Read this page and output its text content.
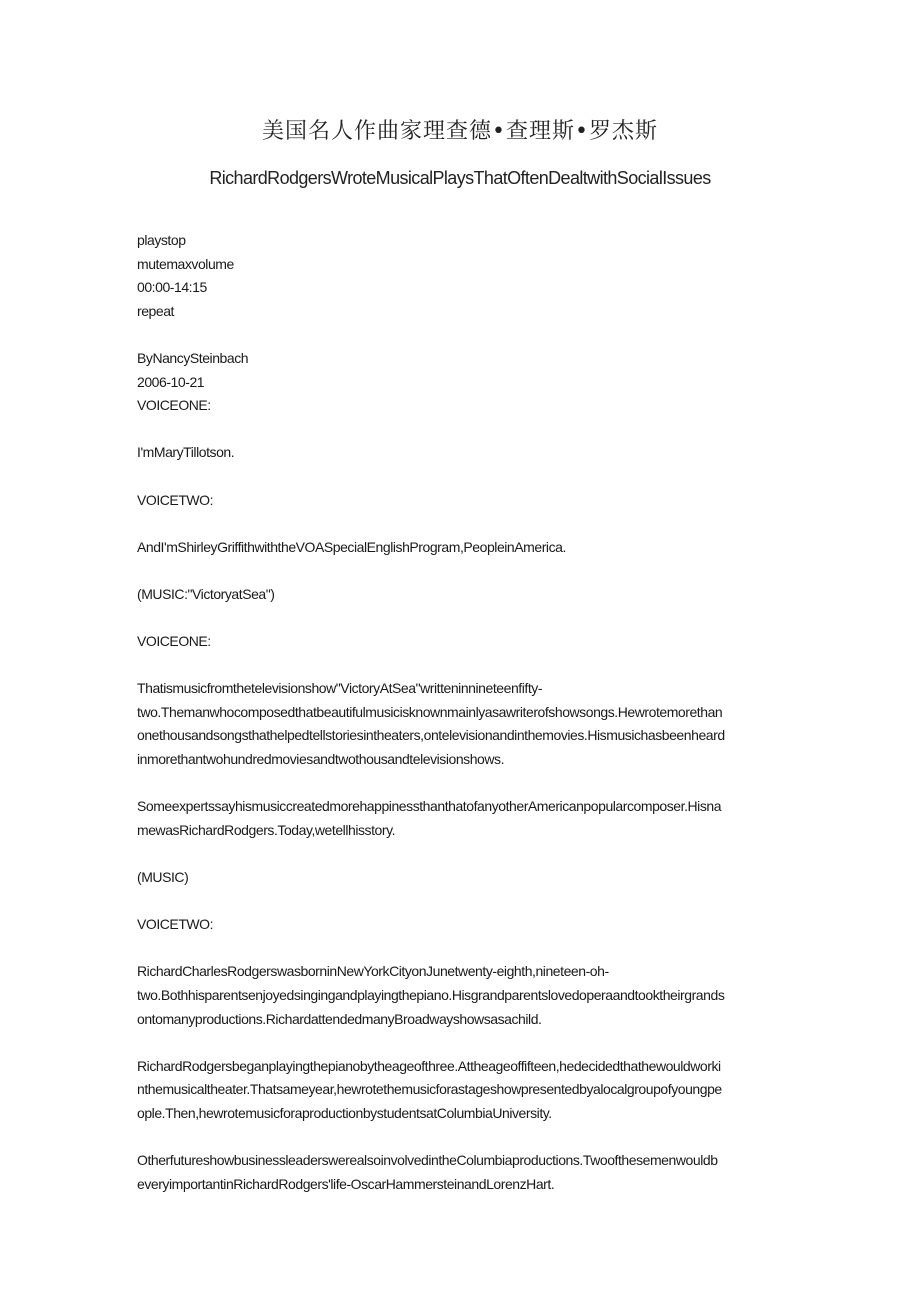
美国名人作曲家理查德•查理斯•罗杰斯
RichardRodgersWroteMusicalPlaysThatOftenDealtwithSocialIssues
playstop
mutemaxvolume
00:00-14:15
repeat
ByNancySteinbach
2006-10-21
VOICEONE:
I'mMaryTillotson.
VOICETWO:
AndI'mShirleyGriffithwiththeVOASpecialEnglishProgram,PeopleinAmerica.
(MUSIC:"VictoryatSea")
VOICEONE:
Thatismusicfromthetelevisionshow"VictoryAtSea"writteninnineteenfifty-
two.Themanwhocomposedthatbeautifulmusicisknownmainlyasawriterofshowsongs.Hewrotemorethan
onethousandsongsthathelpedtellstoriesintheaters,ontelevisionandinthemovies.Hismusichasbeenheard
inmorethantwohundredmoviesandtwothousandtelevisionshows.
SomeexpertssayhismusiccreatedmorehappinessthanthatofanyotherAmericanpopularcomposer.Hisna
mewasRichardRodgers.Today,wetellhisstory.
(MUSIC)
VOICETWO:
RichardCharlesRodgerswasborninNewYorkCityonJunetwenty-eighth,nineteen-oh-
two.Bothhisparentsenjoyedsingingandplayingthepiano.Hisgrandparentslovedoperaandtooktheirgrands
ontomanyproductions.RichardattendedmanyBroadwayshowsasachild.
RichardRodgersbeganplayingthepianobytheageofthree.Attheageoffifteen,hedecidedthathewouldworki
nthemusicaltheater.Thatsameyear,hewrotethemusicforastageshowpresentedbyalocalgroupofyoungpe
ople.Then,hewrotemusicforaproductionbystudentsatColumbiaUniversity.
OtherfutureshowbusinessleaderswerealsoinvolvedintheColumbiaproductions.Twoofthesemenwouldb
everyimportantinRichardRodgers'life-OscarHammersteinandLorenzHart.
